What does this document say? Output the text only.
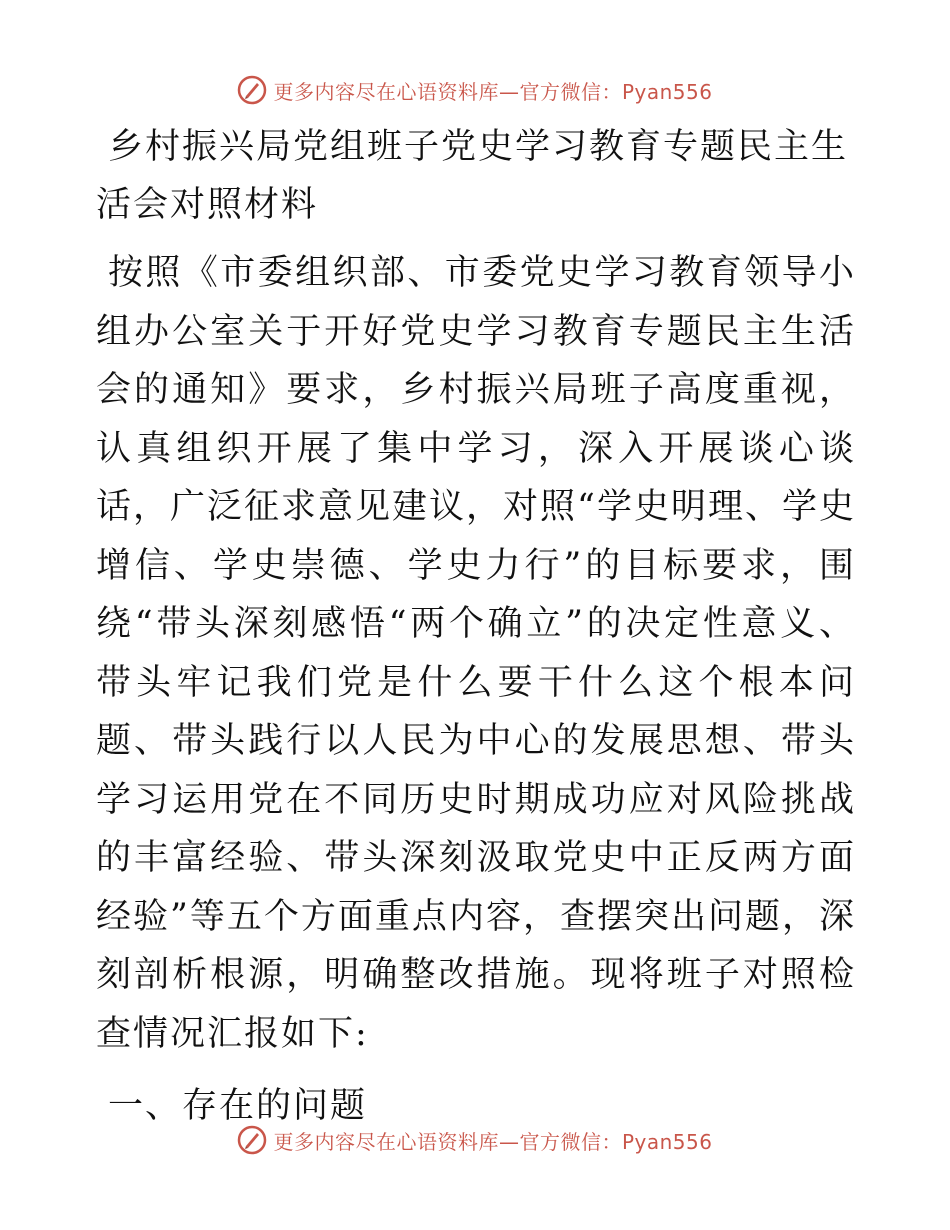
更多内容尽在心语资料库—官方微信：Pyan556
乡村振兴局党组班子党史学习教育专题民主生活会对照材料

按照《市委组织部、市委党史学习教育领导小组办公室关于开好党史学习教育专题民主生活会的通知》要求，乡村振兴局班子高度重视，认真组织开展了集中学习，深入开展谈心谈话，广泛征求意见建议，对照“学史明理、学史增信、学史崇德、学史力行”的目标要求，围绕“带头深刻感悟“两个确立”的决定性意义、带头牢记我们党是什么要干什么这个根本问题、带头践行以人民为中心的发展思想、带头学习运用党在不同历史时期成功应对风险挑战的丰富经验、带头深刻汲取党史中正反两方面经验”等五个方面重点内容，查摆突出问题，深刻剖析根源，明确整改措施。现将班子对照检查情况汇报如下:

一、存在的问题
更多内容尽在心语资料库—官方微信：Pyan556
